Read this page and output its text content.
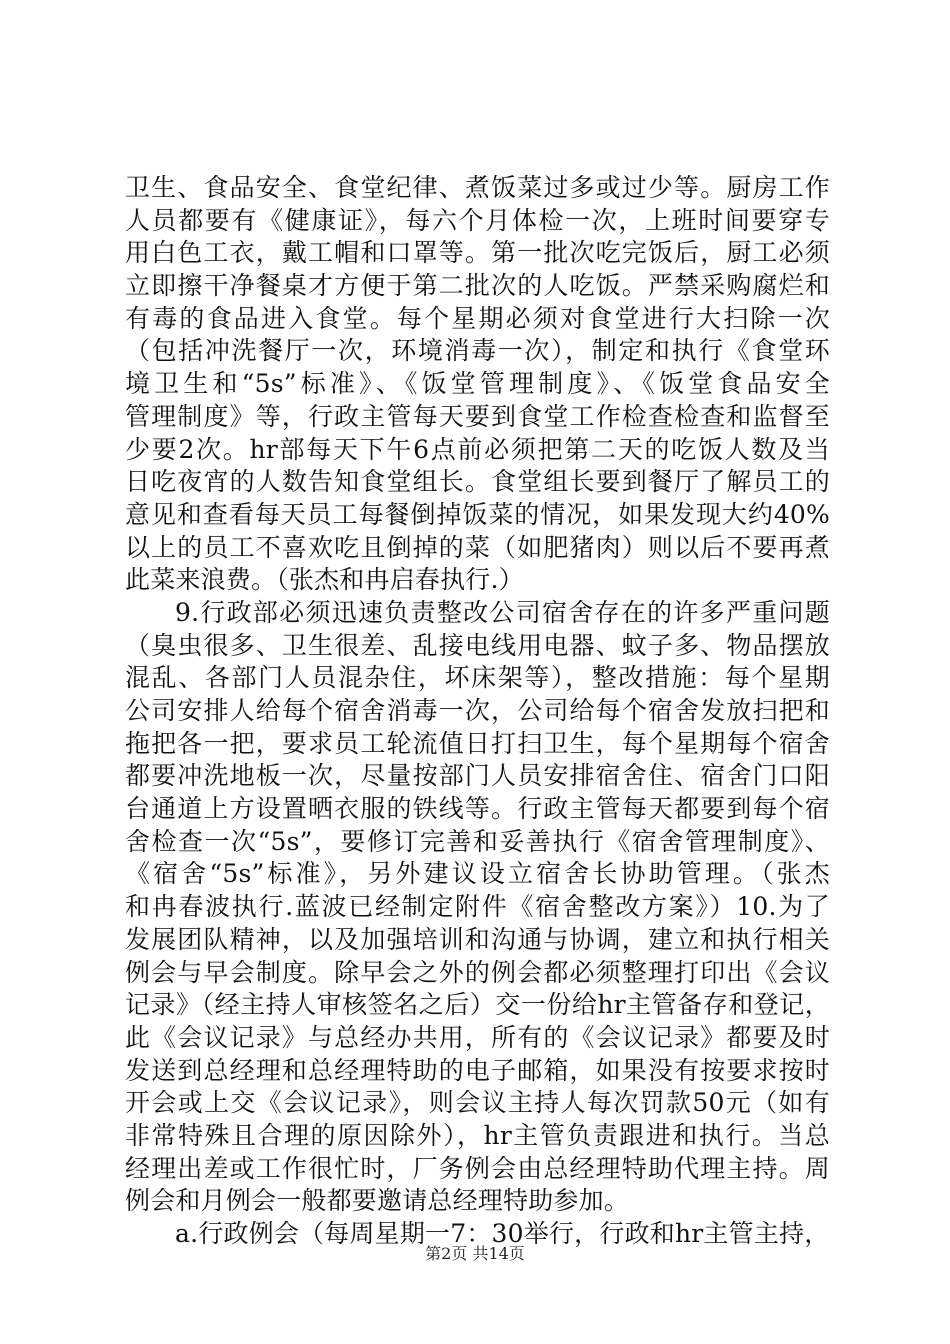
卫生、食品安全、食堂纪律、煮饭菜过多或过少等。厨房工作
人员都要有《健康证》，每六个月体检一次，上班时间要穿专
用白色工衣，戴工帽和口罩等。第一批次吃完饭后，厨工必须
立即擦干净餐桌才方便于第二批次的人吃饭。严禁采购腐烂和
有毒的食品进入食堂。每个星期必须对食堂进行大扫除一次
（包括冲洗餐厅一次，环境消毒一次），制定和执行《食堂环
境卫生和“5s”标准》、《饭堂管理制度》、《饭堂食品安全
管理制度》等，行政主管每天要到食堂工作检查检查和监督至
少要2次。hr部每天下午6点前必须把第二天的吃饭人数及当
日吃夜宵的人数告知食堂组长。食堂组长要到餐厅了解员工的
意见和查看每天员工每餐倒掉饭菜的情况，如果发现大约40%
以上的员工不喜欢吃且倒掉的菜（如肥猪肉）则以后不要再煮
此菜来浪费。（张杰和冉启春执行.）
9.行政部必须迅速负责整改公司宿舍存在的许多严重问题
（臭虫很多、卫生很差、乱接电线用电器、蚊子多、物品摆放
混乱、各部门人员混杂住，坏床架等），整改措施：每个星期
公司安排人给每个宿舍消毒一次，公司给每个宿舍发放扫把和
拖把各一把，要求员工轮流值日打扫卫生，每个星期每个宿舍
都要冲洗地板一次，尽量按部门人员安排宿舍住、宿舍门口阳
台通道上方设置晒衣服的铁线等。行政主管每天都要到每个宿
舍检查一次“5s”，要修订完善和妥善执行《宿舍管理制度》、
《宿舍“5s”标准》，另外建议设立宿舍长协助管理。（张杰
和冉春波执行.蓝波已经制定附件《宿舍整改方案》）10.为了
发展团队精神，以及加强培训和沟通与协调，建立和执行相关
例会与早会制度。除早会之外的例会都必须整理打印出《会议
记录》（经主持人审核签名之后）交一份给hr主管备存和登记，
此《会议记录》与总经办共用，所有的《会议记录》都要及时
发送到总经理和总经理特助的电子邮箱，如果没有按要求按时
开会或上交《会议记录》，则会议主持人每次罚款50元（如有
非常特殊且合理的原因除外），hr主管负责跟进和执行。当总
经理出差或工作很忙时，厂务例会由总经理特助代理主持。周
例会和月例会一般都要邀请总经理特助参加。
a.行政例会（每周星期一7：30举行，行政和hr主管主持，
第2页 共14页
